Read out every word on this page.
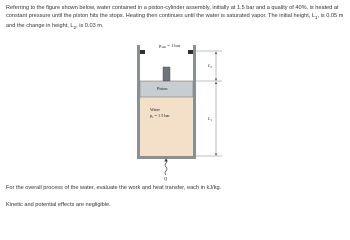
Referring to the figure shown below, water contained in a piston-cylinder assembly, initially at 1.5 bar and a quality of 40%, is heated at constant pressure until the piston hits the stops. Heating then continues until the water is saturated vapor. The initial height, $L_1$, is 0.05 m and the change in height, $L_2$, is 0.03 m.

$p_{atm} = 1$ bar
Piston
Water
$p_1 = 1.5$ bar
Q
$L_2$
$L_1$

For the overall process of the water, evaluate the work and heat transfer, each in kJ/kg.

Kinetic and potential effects are negligible.
